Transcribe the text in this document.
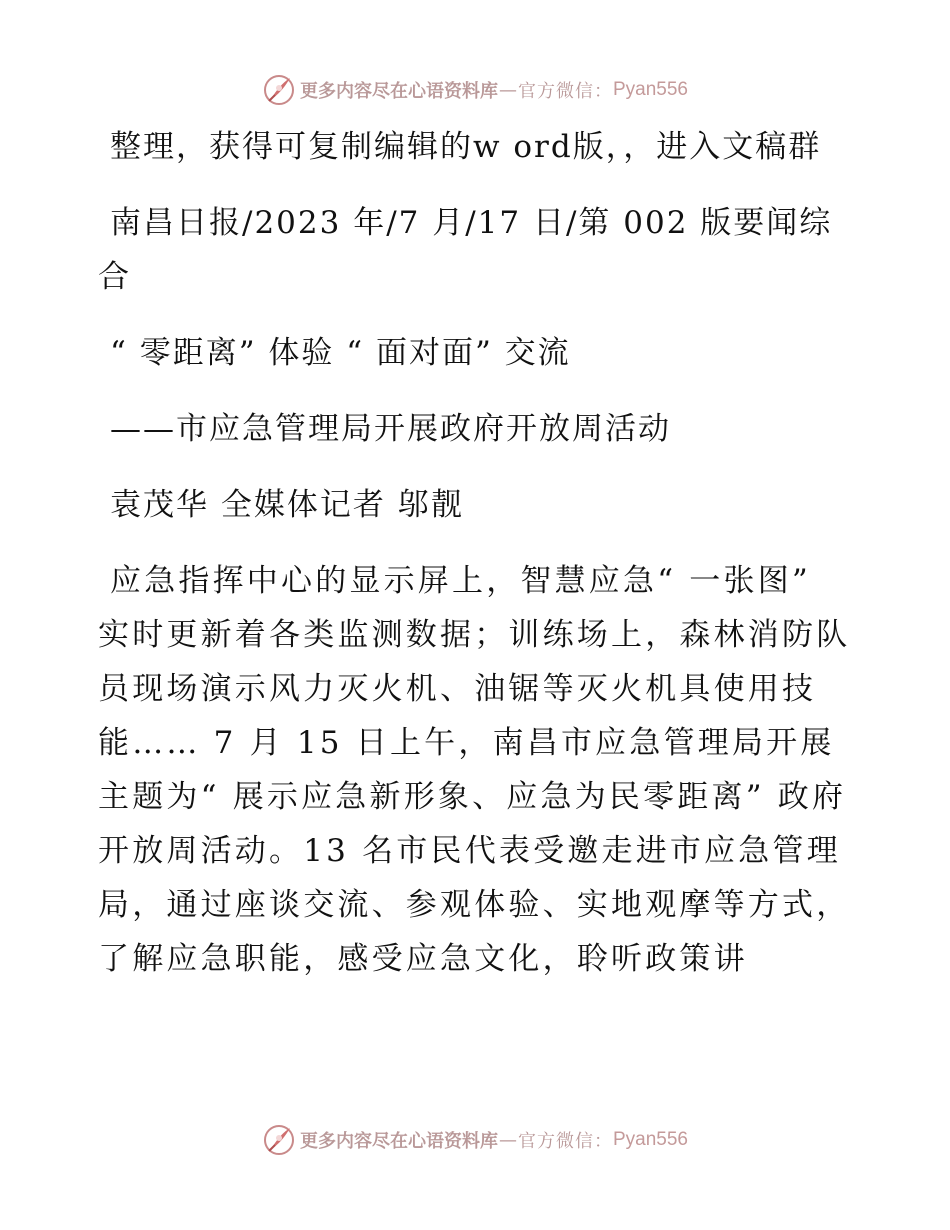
更多内容尽在心语资料库 — 官方微信： Pyan556

整理，获得可复制编辑的w ord版，，进入文稿群

南昌日报/2023 年/7 月/17 日/第 002 版要闻综合

“ 零距离” 体验 “ 面对面” 交流

——市应急管理局开展政府开放周活动

袁茂华 全媒体记者 邬靓

应急指挥中心的显示屏上，智慧应急“ 一张图” 实时更新着各类监测数据；训练场上，森林消防队员现场演示风力灭火机、油锯等灭火机具使用技能…… 7 月 15 日上午，南昌市应急管理局开展主题为“ 展示应急新形象、应急为民零距离” 政府开放周活动。13 名市民代表受邀走进市应急管理局，通过座谈交流、参观体验、实地观摩等方式，了解应急职能，感受应急文化，聆听政策讲

更多内容尽在心语资料库 — 官方微信： Pyan556
